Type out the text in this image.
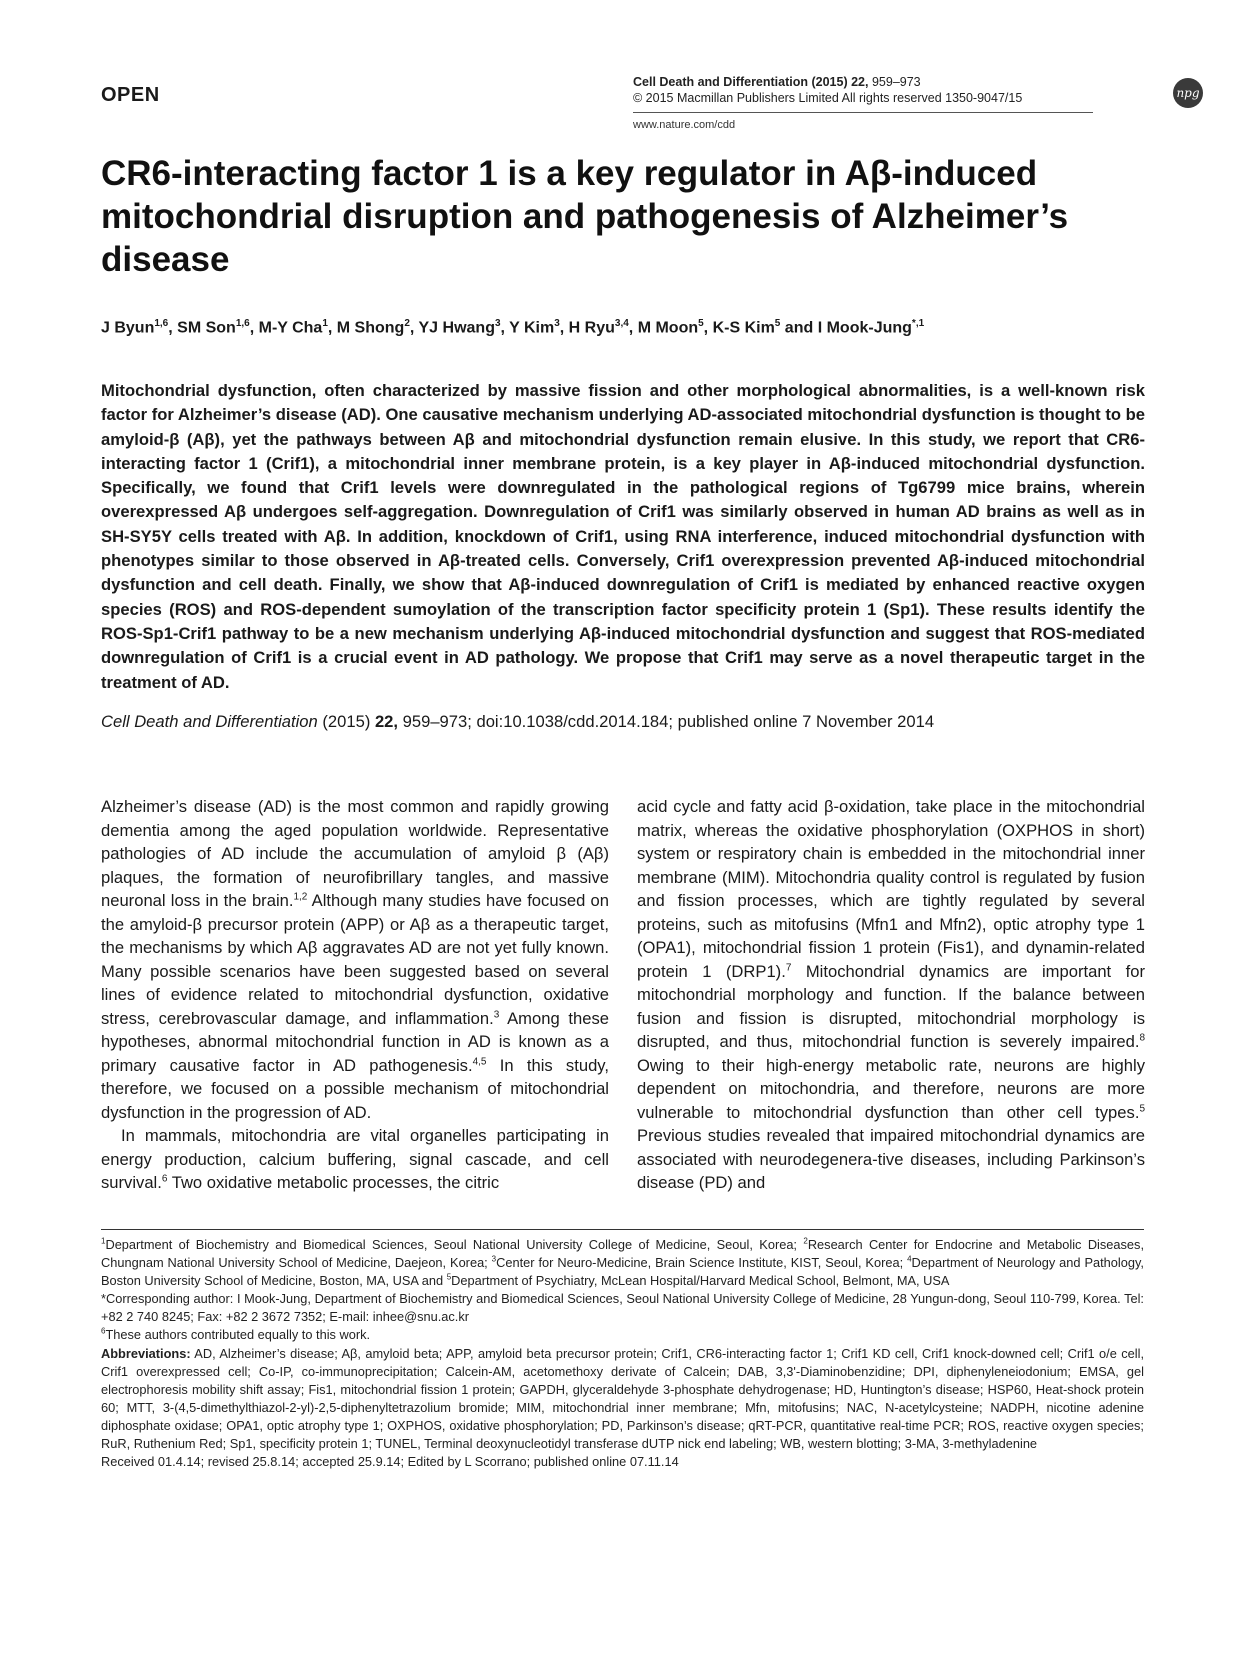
OPEN
Cell Death and Differentiation (2015) 22, 959–973
© 2015 Macmillan Publishers Limited All rights reserved 1350-9047/15
www.nature.com/cdd
npg
CR6-interacting factor 1 is a key regulator in Aβ-induced mitochondrial disruption and pathogenesis of Alzheimer’s disease
J Byun$^{1,6}$, SM Son$^{1,6}$, M-Y Cha$^1$, M Shong$^2$, YJ Hwang$^3$, Y Kim$^3$, H Ryu$^{3,4}$, M Moon$^5$, K-S Kim$^5$ and I Mook-Jung$^{*,1}$
Mitochondrial dysfunction, often characterized by massive fission and other morphological abnormalities, is a well-known risk factor for Alzheimer’s disease (AD). One causative mechanism underlying AD-associated mitochondrial dysfunction is thought to be amyloid-β (Aβ), yet the pathways between Aβ and mitochondrial dysfunction remain elusive. In this study, we report that CR6-interacting factor 1 (Crif1), a mitochondrial inner membrane protein, is a key player in Aβ-induced mitochondrial dysfunction. Specifically, we found that Crif1 levels were downregulated in the pathological regions of Tg6799 mice brains, wherein overexpressed Aβ undergoes self-aggregation. Downregulation of Crif1 was similarly observed in human AD brains as well as in SH-SY5Y cells treated with Aβ. In addition, knockdown of Crif1, using RNA interference, induced mitochondrial dysfunction with phenotypes similar to those observed in Aβ-treated cells. Conversely, Crif1 overexpression prevented Aβ-induced mitochondrial dysfunction and cell death. Finally, we show that Aβ-induced downregulation of Crif1 is mediated by enhanced reactive oxygen species (ROS) and ROS-dependent sumoylation of the transcription factor specificity protein 1 (Sp1). These results identify the ROS-Sp1-Crif1 pathway to be a new mechanism underlying Aβ-induced mitochondrial dysfunction and suggest that ROS-mediated downregulation of Crif1 is a crucial event in AD pathology. We propose that Crif1 may serve as a novel therapeutic target in the treatment of AD.
Cell Death and Differentiation (2015) 22, 959–973; doi:10.1038/cdd.2014.184; published online 7 November 2014

Alzheimer’s disease (AD) is the most common and rapidly growing dementia among the aged population worldwide. Representative pathologies of AD include the accumulation of amyloid β (Aβ) plaques, the formation of neurofibrillary tangles, and massive neuronal loss in the brain.$^{1,2}$ Although many studies have focused on the amyloid-β precursor protein (APP) or Aβ as a therapeutic target, the mechanisms by which Aβ aggravates AD are not yet fully known. Many possible scenarios have been suggested based on several lines of evidence related to mitochondrial dysfunction, oxidative stress, cerebrovascular damage, and inflammation.$^3$ Among these hypotheses, abnormal mitochondrial function in AD is known as a primary causative factor in AD pathogenesis.$^{4,5}$ In this study, therefore, we focused on a possible mechanism of mitochondrial dysfunction in the progression of AD.

In mammals, mitochondria are vital organelles participating in energy production, calcium buffering, signal cascade, and cell survival.$^6$ Two oxidative metabolic processes, the citric

acid cycle and fatty acid β-oxidation, take place in the mitochondrial matrix, whereas the oxidative phosphorylation (OXPHOS in short) system or respiratory chain is embedded in the mitochondrial inner membrane (MIM). Mitochondria quality control is regulated by fusion and fission processes, which are tightly regulated by several proteins, such as mitofusins (Mfn1 and Mfn2), optic atrophy type 1 (OPA1), mitochondrial fission 1 protein (Fis1), and dynamin-related protein 1 (DRP1).$^7$ Mitochondrial dynamics are important for mitochondrial morphology and function. If the balance between fusion and fission is disrupted, mitochondrial morphology is disrupted, and thus, mitochondrial function is severely impaired.$^8$ Owing to their high-energy metabolic rate, neurons are highly dependent on mitochondria, and therefore, neurons are more vulnerable to mitochondrial dysfunction than other cell types.$^5$ Previous studies revealed that impaired mitochondrial dynamics are associated with neurodegenera-tive diseases, including Parkinson’s disease (PD) and

$^1$Department of Biochemistry and Biomedical Sciences, Seoul National University College of Medicine, Seoul, Korea; $^2$Research Center for Endocrine and Metabolic Diseases, Chungnam National University School of Medicine, Daejeon, Korea; $^3$Center for Neuro-Medicine, Brain Science Institute, KIST, Seoul, Korea; $^4$Department of Neurology and Pathology, Boston University School of Medicine, Boston, MA, USA and $^5$Department of Psychiatry, McLean Hospital/Harvard Medical School, Belmont, MA, USA

*Corresponding author: I Mook-Jung, Department of Biochemistry and Biomedical Sciences, Seoul National University College of Medicine, 28 Yungun-dong, Seoul 110-799, Korea. Tel: +82 2 740 8245; Fax: +82 2 3672 7352; E-mail: inhee@snu.ac.kr

$^6$These authors contributed equally to this work.

Abbreviations: AD, Alzheimer’s disease; Aβ, amyloid beta; APP, amyloid beta precursor protein; Crif1, CR6-interacting factor 1; Crif1 KD cell, Crif1 knock-downed cell; Crif1 o/e cell, Crif1 overexpressed cell; Co-IP, co-immunoprecipitation; Calcein-AM, acetomethoxy derivate of Calcein; DAB, 3,3'-Diaminobenzidine; DPI, diphenyleneiodonium; EMSA, gel electrophoresis mobility shift assay; Fis1, mitochondrial fission 1 protein; GAPDH, glyceraldehyde 3-phosphate dehydrogenase; HD, Huntington’s disease; HSP60, Heat-shock protein 60; MTT, 3-(4,5-dimethylthiazol-2-yl)-2,5-diphenyltetrazolium bromide; MIM, mitochondrial inner membrane; Mfn, mitofusins; NAC, N-acetylcysteine; NADPH, nicotine adenine diphosphate oxidase; OPA1, optic atrophy type 1; OXPHOS, oxidative phosphorylation; PD, Parkinson’s disease; qRT-PCR, quantitative real-time PCR; ROS, reactive oxygen species; RuR, Ruthenium Red; Sp1, specificity protein 1; TUNEL, Terminal deoxynucleotidyl transferase dUTP nick end labeling; WB, western blotting; 3-MA, 3-methyladenine

Received 01.4.14; revised 25.8.14; accepted 25.9.14; Edited by L Scorrano; published online 07.11.14
